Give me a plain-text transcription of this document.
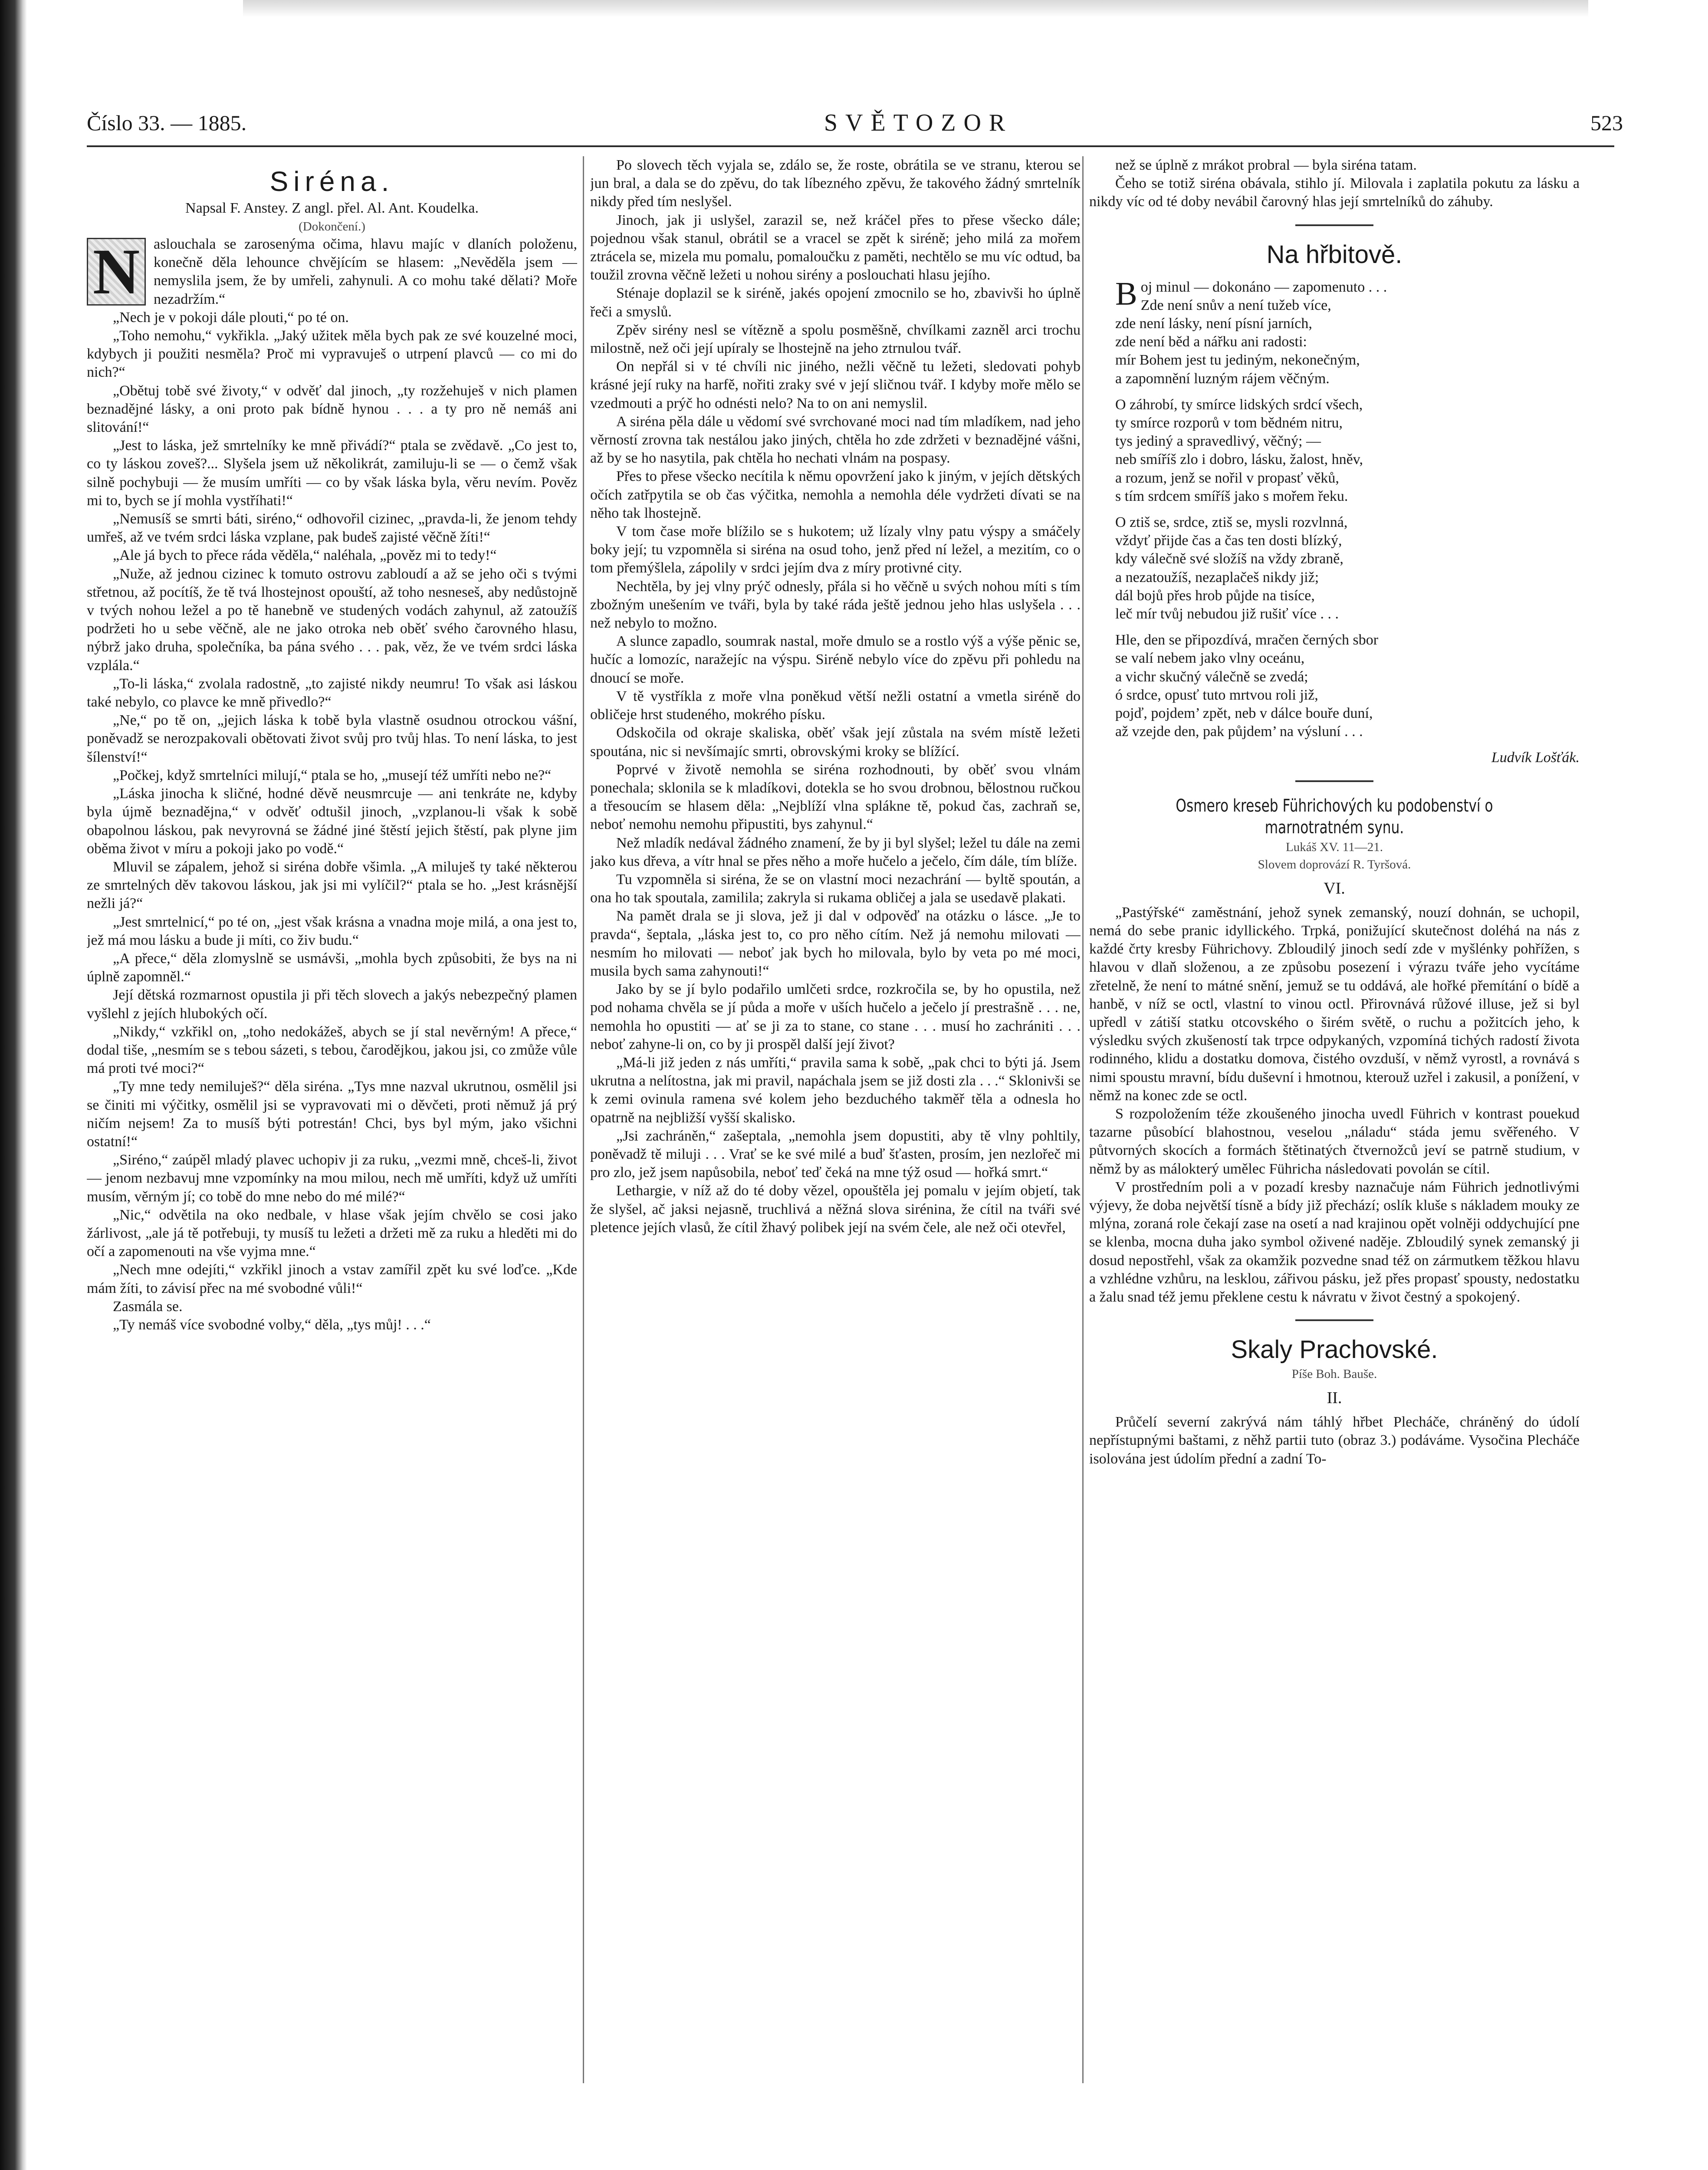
Číslo 33. — 1885.	SVĚTOZOR	523
Siréna.
Napsal F. Anstey. Z angl. přel. Al. Ant. Koudelka.
(Dokončení.)

N aslouchala se zarosenýma očima, hlavu majíc v dlaních položenu, konečně děla lehounce chvějícím se hlasem: „Nevěděla jsem — nemyslila jsem, že by umřeli, zahynuli. A co mohu také dělati? Moře nezadržím.“

„Nech je v pokoji dále plouti,“ po té on.

„Toho nemohu,“ vykřikla. „Jaký užitek měla bych pak ze své kouzelné moci, kdybych ji použiti nesměla? Proč mi vypravuješ o utrpení plavců — co mi do nich?“

„Obětuj tobě své životy,“ v odvěť dal jinoch, „ty rozžehuješ v nich plamen beznadějné lásky, a oni proto pak bídně hynou . . . a ty pro ně nemáš ani slitování!“

„Jest to láska, jež smrtelníky ke mně přivádí?“ ptala se zvědavě. „Co jest to, co ty láskou zoveš?... Slyšela jsem už několikrát, zamiluju-li se — o čemž však silně pochybuji — že musím umříti — co by však láska byla, věru nevím. Pověz mi to, bych se jí mohla vystříhati!“

„Nemusíš se smrti báti, siréno,“ odhovořil cizinec, „pravda-li, že jenom tehdy umřeš, až ve tvém srdci láska vzplane, pak budeš zajisté věčně žíti!“

„Ale já bych to přece ráda věděla,“ naléhala, „pověz mi to tedy!“

„Nuže, až jednou cizinec k tomuto ostrovu zabloudí a až se jeho oči s tvými střetnou, až pocítíš, že tě tvá lhostejnost opouští, až toho nesneseš, aby nedůstojně v tvých nohou ležel a po tě hanebně ve studených vodách zahynul, až zatoužíš podržeti ho u sebe věčně, ale ne jako otroka neb oběť svého čarovného hlasu, nýbrž jako druha, společníka, ba pána svého . . . pak, věz, že ve tvém srdci láska vzplála.“

„To-li láska,“ zvolala radostně, „to zajisté nikdy neumru! To však asi láskou také nebylo, co plavce ke mně přivedlo?“

„Ne,“ po tě on, „jejich láska k tobě byla vlastně osudnou otrockou vášní, poněvadž se nerozpakovali obětovati život svůj pro tvůj hlas. To není láska, to jest šílenství!“

„Počkej, když smrtelníci milují,“ ptala se ho, „musejí též umříti nebo ne?“

„Láska jinocha k sličné, hodné děvě neusmrcuje — ani tenkráte ne, kdyby byla újmě beznadějna,“ v odvěť odtušil jinoch, „vzplanou-li však k sobě obapolnou láskou, pak nevyrovná se žádné jiné štěstí jejich štěstí, pak plyne jim oběma život v míru a pokoji jako po vodě.“

Mluvil se zápalem, jehož si siréna dobře všimla. „A miluješ ty také některou ze smrtelných děv takovou láskou, jak jsi mi vylíčil?“ ptala se ho. „Jest krásnější nežli já?“

„Jest smrtelnicí,“ po té on, „jest však krásna a vnadna moje milá, a ona jest to, jež má mou lásku a bude ji míti, co živ budu.“

„A přece,“ děla zlomyslně se usmávši, „mohla bych způsobiti, že bys na ni úplně zapomněl.“

Její dětská rozmarnost opustila ji při těch slovech a jakýs nebezpečný plamen vyšlehl z jejích hlubokých očí.

„Nikdy,“ vzkřikl on, „toho nedokážeš, abych se jí stal nevěrným! A přece,“ dodal tiše, „nesmím se s tebou sázeti, s tebou, čarodějkou, jakou jsi, co zmůže vůle má proti tvé moci?“

„Ty mne tedy nemiluješ?“ děla siréna. „Tys mne nazval ukrutnou, osmělil jsi se činiti mi výčitky, osmělil jsi se vypravovati mi o děvčeti, proti němuž já prý ničím nejsem! Za to musíš býti potrestán! Chci, bys byl mým, jako všichni ostatní!“

„Siréno,“ zaúpěl mladý plavec uchopiv ji za ruku, „vezmi mně, chceš-li, život — jenom nezbavuj mne vzpomínky na mou milou, nech mě umříti, když už umříti musím, věrným jí; co tobě do mne nebo do mé milé?“

„Nic,“ odvětila na oko nedbale, v hlase však jejím chvělo se cosi jako žárlivost, „ale já tě potřebuji, ty musíš tu ležeti a držeti mě za ruku a hleděti mi do očí a zapomenouti na vše vyjma mne.“

„Nech mne odejíti,“ vzkřikl jinoch a vstav zamířil zpět ku své loďce. „Kde mám žíti, to závisí přec na mé svobodné vůli!“

Zasmála se.

„Ty nemáš více svobodné volby,“ děla, „tys můj! . . .“

Po slovech těch vyjala se, zdálo se, že roste, obrátila se ve stranu, kterou se jun bral, a dala se do zpěvu, do tak líbezného zpěvu, že takového žádný smrtelník nikdy před tím neslyšel.

Jinoch, jak ji uslyšel, zarazil se, než kráčel přes to přese všecko dále; pojednou však stanul, obrátil se a vracel se zpět k siréně; jeho milá za mořem ztrácela se, mizela mu pomalu, pomaloučku z paměti, nechtělo se mu víc odtud, ba toužil zrovna věčně ležeti u nohou sirény a poslouchati hlasu jejího.

Sténaje doplazil se k siréně, jakés opojení zmocnilo se ho, zbavivši ho úplně řeči a smyslů.

Zpěv sirény nesl se vítězně a spolu posměšně, chvílkami zazněl arci trochu milostně, než oči její upíraly se lhostejně na jeho ztrnulou tvář.

On nepřál si v té chvíli nic jiného, nežli věčně tu ležeti, sledovati pohyb krásné její ruky na harfě, nořiti zraky své v její sličnou tvář. I kdyby moře mělo se vzedmouti a prýč ho odnésti nelo? Na to on ani nemyslil.

A siréna pěla dále u vědomí své svrchované moci nad tím mladíkem, nad jeho věrností zrovna tak nestálou jako jiných, chtěla ho zde zdržeti v beznadějné vášni, až by se ho nasytila, pak chtěla ho nechati vlnám na pospasy.

Přes to přese všecko necítila k němu opovržení jako k jiným, v jejích dětských očích zatřpytila se ob čas výčitka, nemohla a nemohla déle vydržeti dívati se na něho tak lhostejně.

V tom čase moře blížilo se s hukotem; už lízaly vlny patu výspy a smáčely boky její; tu vzpomněla si siréna na osud toho, jenž před ní ležel, a mezitím, co o tom přemýšlela, zápolily v srdci jejím dva z míry protivné city.

Nechtěla, by jej vlny prýč odnesly, přála si ho věčně u svých nohou míti s tím zbožným unešením ve tváři, byla by také ráda ještě jednou jeho hlas uslyšela . . . než nebylo to možno.

A slunce zapadlo, soumrak nastal, moře dmulo se a rostlo výš a výše pěnic se, hučíc a lomozíc, naražejíc na výspu. Siréně nebylo více do zpěvu při pohledu na dnoucí se moře.

V tě vystříkla z moře vlna poněkud větší nežli ostatní a vmetla siréně do obličeje hrst studeného, mokrého písku.

Odskočila od okraje skaliska, oběť však její zůstala na svém místě ležeti spoutána, nic si nevšímajíc smrti, obrovskými kroky se blížící.

Poprvé v životě nemohla se siréna rozhodnouti, by oběť svou vlnám ponechala; sklonila se k mladíkovi, dotekla se ho svou drobnou, bělostnou ručkou a třesoucím se hlasem děla: „Nejblíží vlna splákne tě, pokud čas, zachraň se, neboť nemohu nemohu připustiti, bys zahynul.“

Než mladík nedával žádného znamení, že by ji byl slyšel; ležel tu dále na zemi jako kus dřeva, a vítr hnal se přes něho a moře hučelo a ječelo, čím dále, tím blíže.

Tu vzpomněla si siréna, že se on vlastní moci nezachrání — byltě spoután, a ona ho tak spoutala, zamilila; zakryla si rukama obličej a jala se usedavě plakati.

Na pamět drala se ji slova, jež ji dal v odpověď na otázku o lásce. „Je to pravda“, šeptala, „láska jest to, co pro něho cítím. Než já nemohu milovati — nesmím ho milovati — neboť jak bych ho milovala, bylo by veta po mé moci, musila bych sama zahynouti!“

Jako by se jí bylo podařilo umlčeti srdce, rozkročila se, by ho opustila, než pod nohama chvěla se jí půda a moře v uších hučelo a ječelo jí prestrašně . . . ne, nemohla ho opustiti — ať se ji za to stane, co stane . . . musí ho zachrániti . . . neboť zahyne-li on, co by ji prospěl další její život?

„Má-li již jeden z nás umříti,“ pravila sama k sobě, „pak chci to býti já. Jsem ukrutna a nelítostna, jak mi pravil, napáchala jsem se již dosti zla . . .“ Sklonivši se k zemi ovinula ramena své kolem jeho bezduchého takměř těla a odnesla ho opatrně na nejbližší vyšší skalisko.

„Jsi zachráněn,“ zašeptala, „nemohla jsem dopustiti, aby tě vlny pohltily, poněvadž tě miluji . . . Vrať se ke své milé a buď šťasten, prosím, jen nezlořeč mi pro zlo, jež jsem napůsobila, neboť teď čeká na mne týž osud — hořká smrt.“

Lethargie, v níž až do té doby vězel, opouštěla jej pomalu v jejím objetí, tak že slyšel, ač jaksi nejasně, truchlivá a něžná slova sirénina, že cítil na tváři své pletence jejích vlasů, že cítil žhavý polibek její na svém čele, ale než oči otevřel,

než se úplně z mrákot probral — byla siréna tatam.

Čeho se totiž siréna obávala, stihlo jí. Milovala i zaplatila pokutu za lásku a nikdy víc od té doby nevábil čarovný hlas její smrtelníků do záhuby.

Na hřbitově.
Boj minul — dokonáno — zapomenuto . . .
Zde není snův a není tužeb více,
zde není lásky, není písní jarních,
zde není běd a nářku ani radosti:
mír Bohem jest tu jediným, nekonečným,
a zapomnění luzným rájem věčným.
O záhrobí, ty smírce lidských srdcí všech,
ty smírce rozporů v tom bědném nitru,
tys jediný a spravedlivý, věčný; —
neb smíříš zlo i dobro, lásku, žalost, hněv,
a rozum, jenž se nořil v propasť věků,
s tím srdcem smíříš jako s mořem řeku.
O ztiš se, srdce, ztiš se, mysli rozvlnná,
vždyť přijde čas a čas ten dosti blízký,
kdy válečně své složíš na vždy zbraně,
a nezatoužíš, nezaplačeš nikdy již;
dál bojů přes hrob půjde na tisíce,
leč mír tvůj nebudou již rušiť více . . .
Hle, den se připozdívá, mračen černých sbor
se valí nebem jako vlny oceánu,
a vichr skučný válečně se zvedá;
ó srdce, opusť tuto mrtvou roli již,
pojď, pojdem’ zpět, neb v dálce bouře duní,
až vzejde den, pak půjdem’ na výsluní . . .
Ludvík Lošťák.
Osmero kreseb Führichových ku podobenství o marnotratném synu.
Lukáš XV. 11—21.
Slovem doprovází R. Tyršová.
VI.

„Pastýřské“ zaměstnání, jehož synek zemanský, nouzí dohnán, se uchopil, nemá do sebe pranic idyllického. Trpká, ponižující skutečnost doléhá na nás z každé črty kresby Führichovy. Zbloudilý jinoch sedí zde v myšlénky pohřížen, s hlavou v dlaň složenou, a ze způsobu posezení i výrazu tváře jeho vycítáme zřetelně, že není to mátné snění, jemuž se tu oddává, ale hořké přemítání o bídě a hanbě, v níž se octl, vlastní to vinou octl. Přirovnává růžové illuse, jež si byl upředl v zátiší statku otcovského o širém světě, o ruchu a požitcích jeho, k výsledku svých zkušeností tak trpce odpykaných, vzpomíná tichých radostí života rodinného, klidu a dostatku domova, čistého ovzduší, v němž vyrostl, a rovnává s nimi spoustu mravní, bídu duševní i hmotnou, kterouž uzřel i zakusil, a ponížení, v němž na konec zde se octl.

S rozpoložením téže zkoušeného jinocha uvedl Führich v kontrast pouekud tazarne působící blahostnou, veselou „náladu“ stáda jemu svěřeného. V půtvorných skocích a formách štětinatých čtvernožců jeví se patrně studium, v němž by as málokterý umělec Führicha následovati povolán se cítil.

V prostředním poli a v pozadí kresby naznačuje nám Führich jednotlivými výjevy, že doba největší tísně a bídy již přechází; oslík kluše s nákladem mouky ze mlýna, zoraná role čekají zase na osetí a nad krajinou opět volněji oddychující pne se klenba, mocna duha jako symbol oživené naděje. Zbloudilý synek zemanský ji dosud nepostřehl, však za okamžik pozvedne snad též on zármutkem těžkou hlavu a vzhlédne vzhůru, na lesklou, zářivou pásku, jež přes propasť spousty, nedostatku a žalu snad též jemu překlene cestu k návratu v život čestný a spokojený.

Skaly Prachovské.
Píše Boh. Bauše.
II.

Průčelí severní zakrývá nám táhlý hřbet Plecháče, chráněný do údolí nepřístupnými baštami, z něhž partii tuto (obraz 3.) podáváme. Vysočina Plecháče isolována jest údolím přední a zadní To-
